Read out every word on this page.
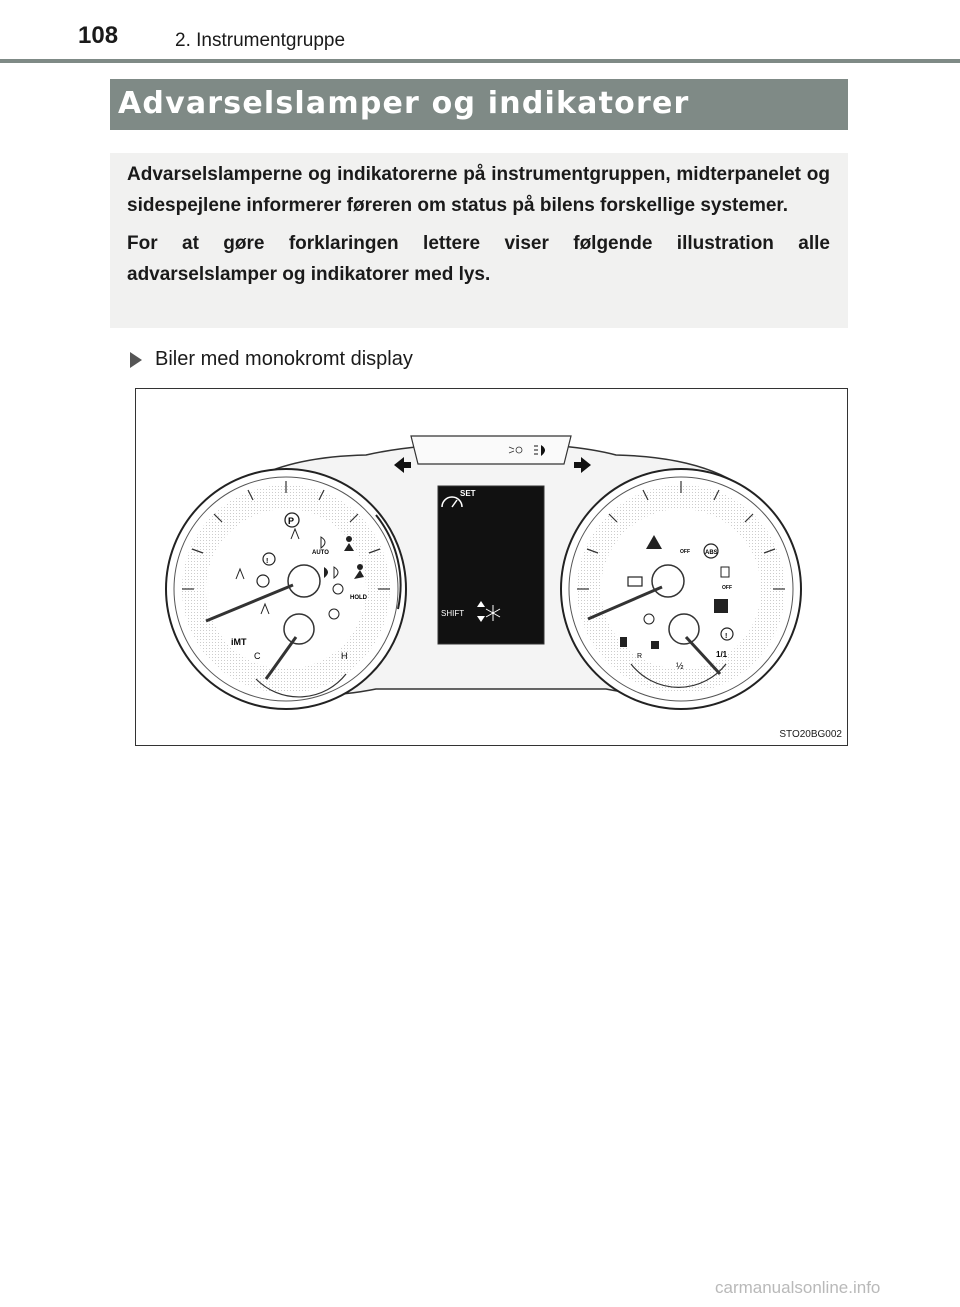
108	2. Instrumentgruppe
Advarselslamper og indikatorer

Advarselslamperne og indikatorerne på instrumentgruppen, midterpanelet og sidespejlene informerer føreren om status på bilens forskellige systemer.

For at gøre forklaringen lettere viser følgende illustration alle advarselslamper og indikatorer med lys.

Biler med monokromt display
C	H
iMT
P
AUTO
HOLD
!
SET
SHIFT
R
½
1/1
ABS
OFF
OFF
!
STO20BG002
carmanualsonline.info
